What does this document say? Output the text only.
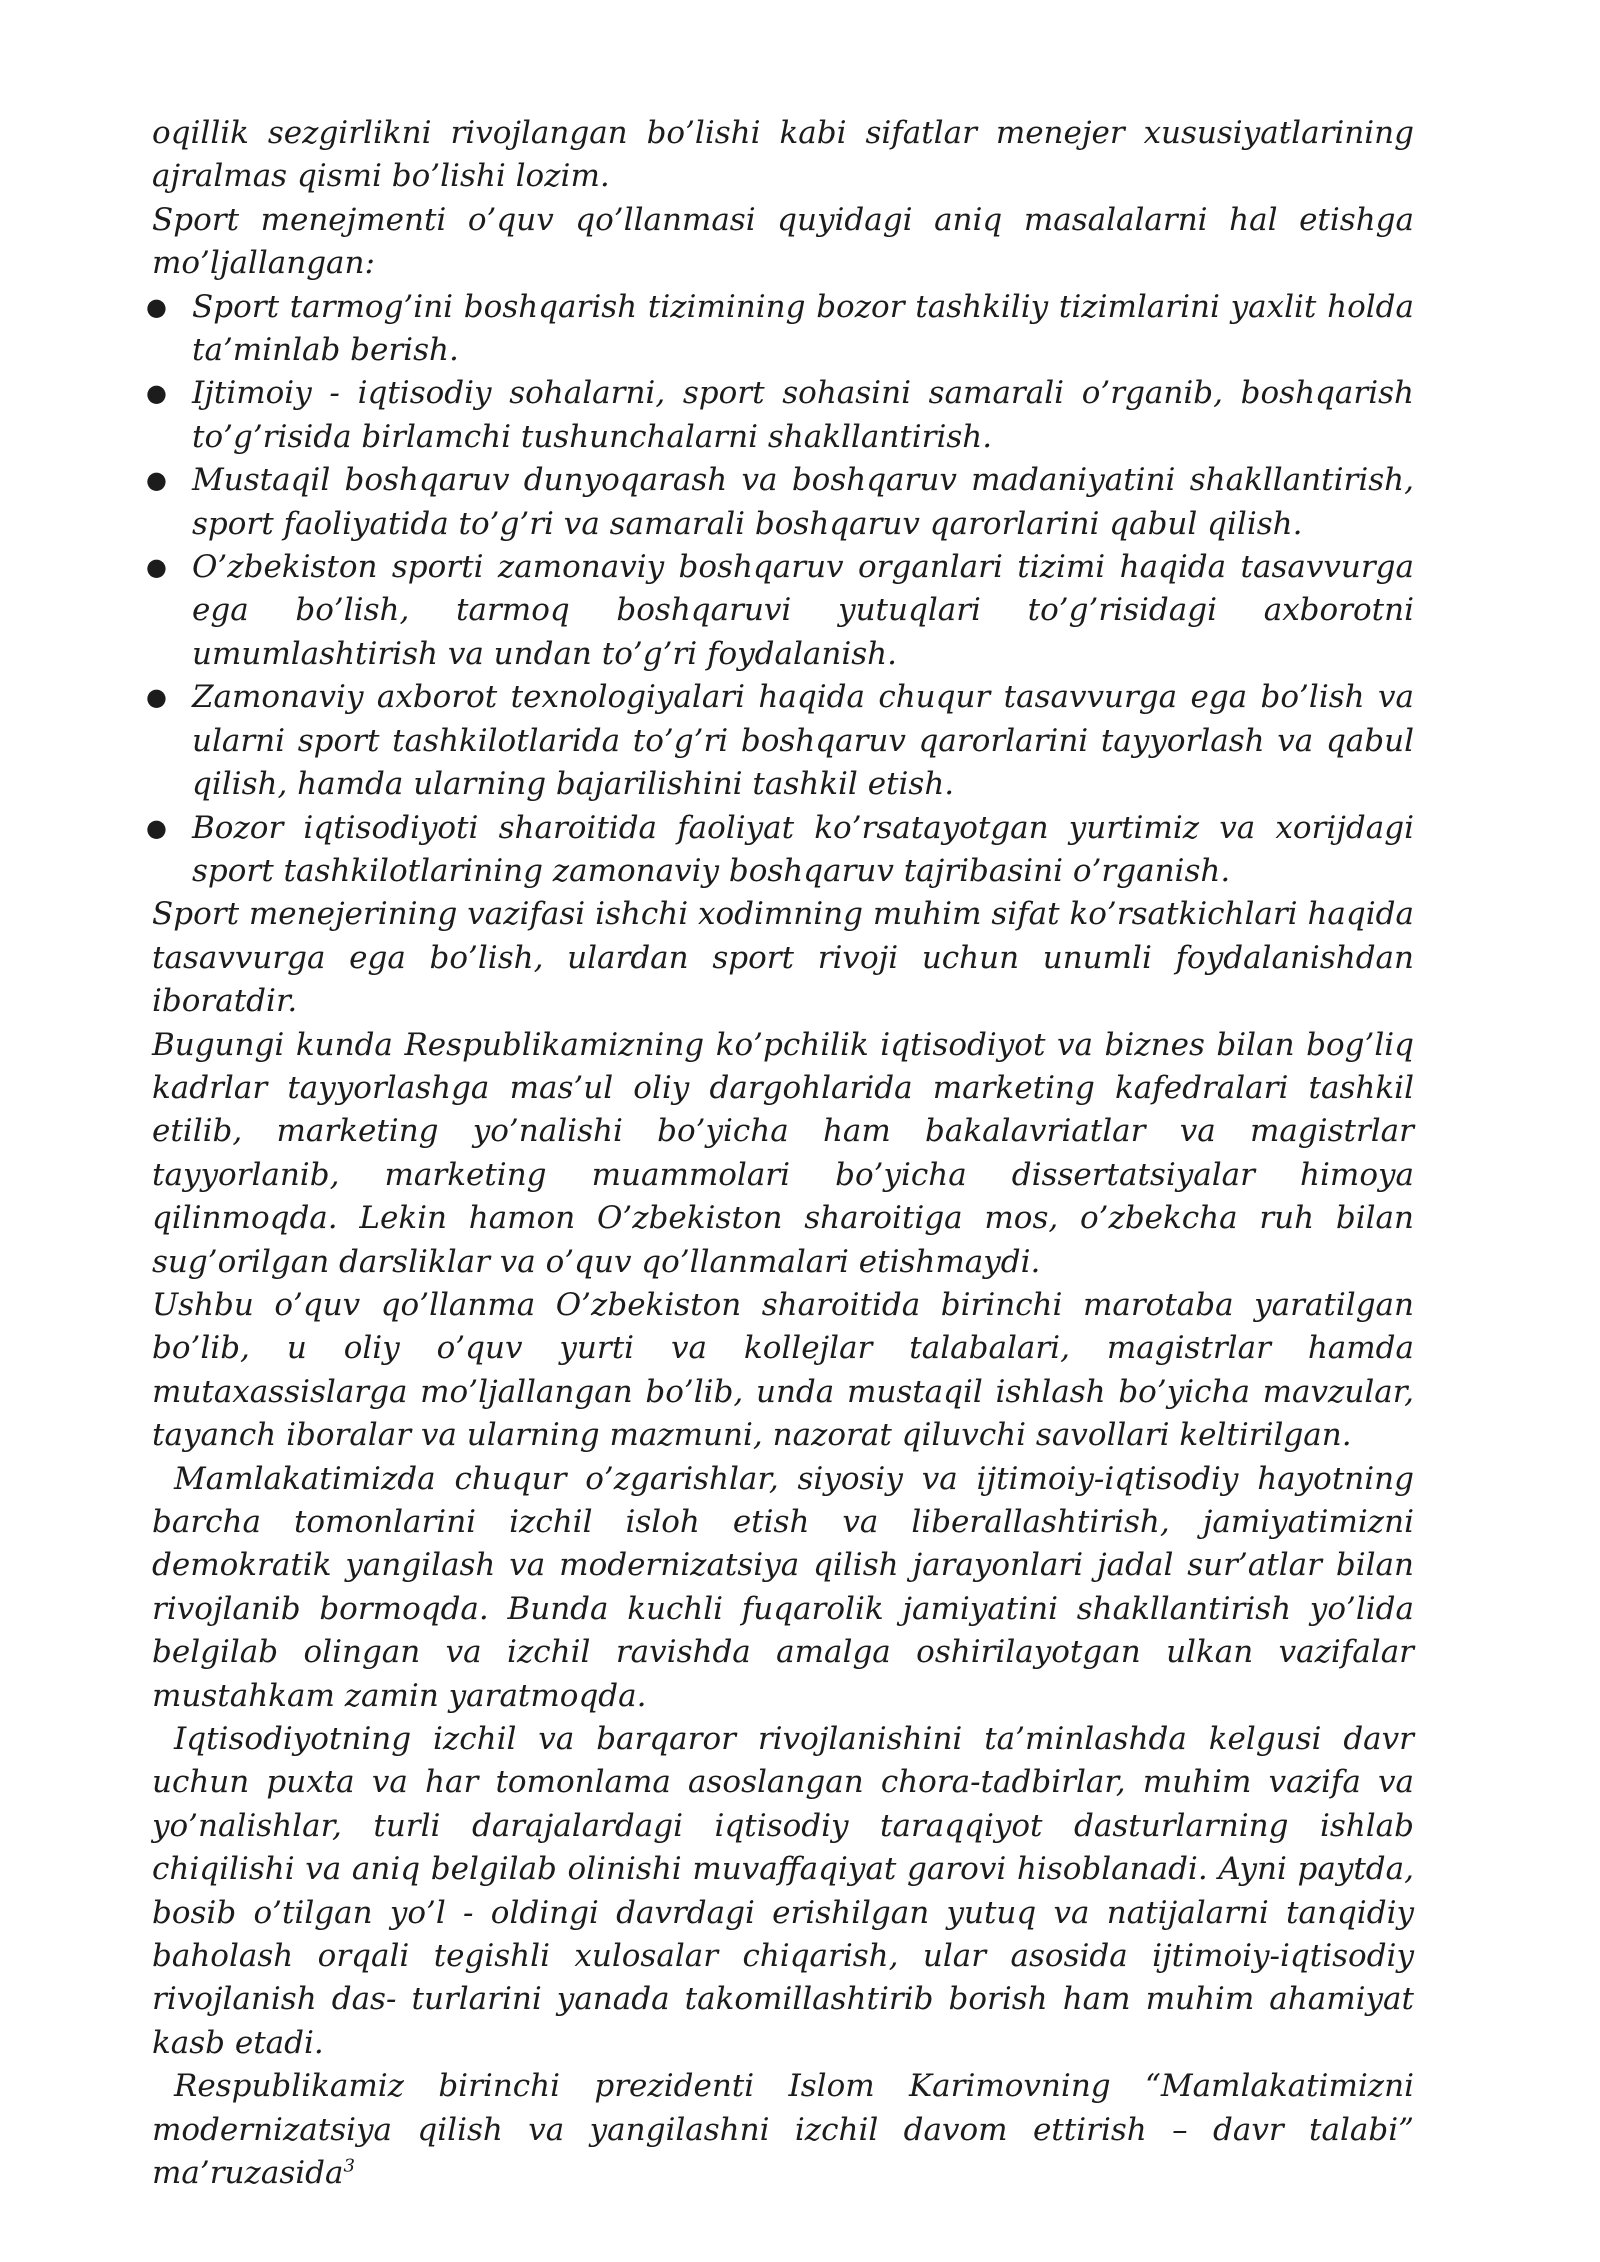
oqillik sezgirlikni rivojlangan bo’lishi kabi sifatlar menejer xususiyatlarining ajralmas qismi bo’lishi lozim.

Sport menejmenti o’quv qo’llanmasi quyidagi aniq masalalarni hal etishga mo’ljallangan:

● Sport tarmog’ini boshqarish tizimining bozor tashkiliy tizimlarini yaxlit holda ta’minlab berish.
● Ijtimoiy - iqtisodiy sohalarni, sport sohasini samarali o’rganib, boshqarish to’g’risida birlamchi tushunchalarni shakllantirish.
● Mustaqil boshqaruv dunyoqarash va boshqaruv madaniyatini shakllantirish, sport faoliyatida to’g’ri va samarali boshqaruv qarorlarini qabul qilish.
● O’zbekiston sporti zamonaviy boshqaruv organlari tizimi haqida tasavvurga ega bo’lish, tarmoq boshqaruvi yutuqlari to’g’risidagi axborotni umumlashtirish va undan to’g’ri foydalanish.
● Zamonaviy axborot texnologiyalari haqida chuqur tasavvurga ega bo’lish va ularni sport tashkilotlarida to’g’ri boshqaruv qarorlarini tayyorlash va qabul qilish, hamda ularning bajarilishini tashkil etish.
● Bozor iqtisodiyoti sharoitida faoliyat ko’rsatayotgan yurtimiz va xorijdagi sport tashkilotlarining zamonaviy boshqaruv tajribasini o’rganish.

Sport menejerining vazifasi ishchi xodimning muhim sifat ko’rsatkichlari haqida tasavvurga ega bo’lish, ulardan sport rivoji uchun unumli foydalanishdan iboratdir.

Bugungi kunda Respublikamizning ko’pchilik iqtisodiyot va biznes bilan bog’liq kadrlar tayyorlashga mas’ul oliy dargohlarida marketing kafedralari tashkil etilib, marketing yo’nalishi bo’yicha ham bakalavriatlar va magistrlar tayyorlanib, marketing muammolari bo’yicha dissertatsiyalar himoya qilinmoqda. Lekin hamon O’zbekiston sharoitiga mos, o’zbekcha ruh bilan sug’orilgan darsliklar va o’quv qo’llanmalari etishmaydi.

Ushbu o’quv qo’llanma O’zbekiston sharoitida birinchi marotaba yaratilgan bo’lib, u oliy o’quv yurti va kollejlar talabalari, magistrlar hamda mutaxassislarga mo’ljallangan bo’lib, unda mustaqil ishlash bo’yicha mavzular, tayanch iboralar va ularning mazmuni, nazorat qiluvchi savollari keltirilgan.

Mamlakatimizda chuqur o’zgarishlar, siyosiy va ijtimoiy-iqtisodiy hayotning barcha tomonlarini izchil isloh etish va liberallashtirish, jamiyatimizni demokratik yangilash va modernizatsiya qilish jarayonlari jadal sur’atlar bilan rivojlanib bormoqda. Bunda kuchli fuqarolik jamiyatini shakllantirish yo’lida belgilab olingan va izchil ravishda amalga oshirilayotgan ulkan vazifalar mustahkam zamin yaratmoqda.

Iqtisodiyotning izchil va barqaror rivojlanishini ta’minlashda kelgusi davr uchun puxta va har tomonlama asoslangan chora-tadbirlar, muhim vazifa va yo’nalishlar, turli darajalardagi iqtisodiy taraqqiyot dasturlarning ishlab chiqilishi va aniq belgilab olinishi muvaffaqiyat garovi hisoblanadi. Ayni paytda, bosib o’tilgan yo’l - oldingi davrdagi erishilgan yutuq va natijalarni tanqidiy baholash orqali tegishli xulosalar chiqarish, ular asosida ijtimoiy-iqtisodiy rivojlanish das- turlarini yanada takomillashtirib borish ham muhim ahamiyat kasb etadi.

Respublikamiz birinchi prezidenti Islom Karimovning “Mamlakatimizni modernizatsiya qilish va yangilashni izchil davom ettirish – davr talabi” ma’ruzasida$^3$
